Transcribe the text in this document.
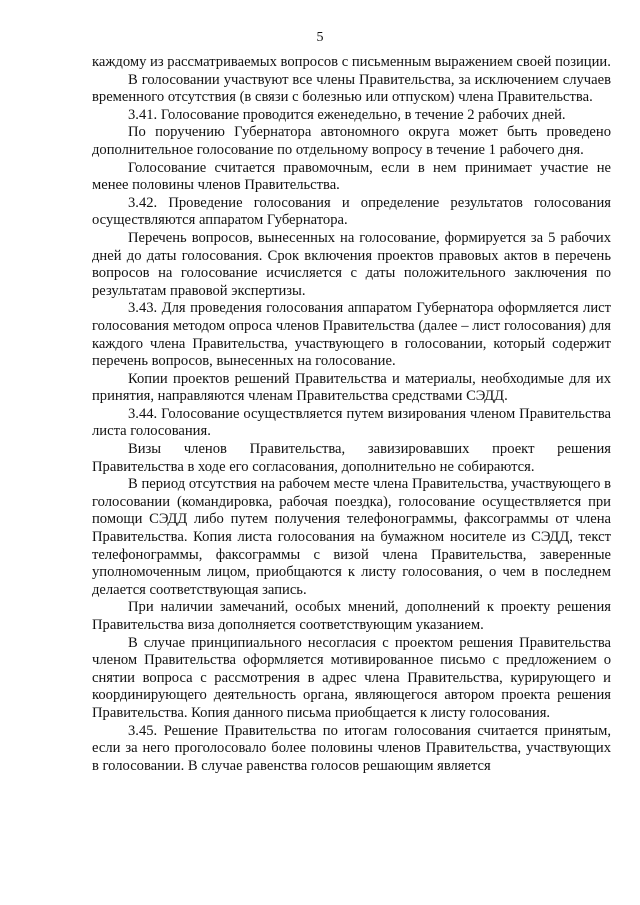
5

каждому из рассматриваемых вопросов с письменным выражением своей позиции.

В голосовании участвуют все члены Правительства, за исключением случаев временного отсутствия (в связи с болезнью или отпуском) члена Правительства.

3.41. Голосование проводится еженедельно, в течение 2 рабочих дней.

По поручению Губернатора автономного округа может быть проведено дополнительное голосование по отдельному вопросу в течение 1 рабочего дня.

Голосование считается правомочным, если в нем принимает участие не менее половины членов Правительства.

3.42. Проведение голосования и определение результатов голосования осуществляются аппаратом Губернатора.

Перечень вопросов, вынесенных на голосование, формируется за 5 рабочих дней до даты голосования. Срок включения проектов правовых актов в перечень вопросов на голосование исчисляется с даты положительного заключения по результатам правовой экспертизы.

3.43. Для проведения голосования аппаратом Губернатора оформляется лист голосования методом опроса членов Правительства (далее – лист голосования) для каждого члена Правительства, участвующего в голосовании, который содержит перечень вопросов, вынесенных на голосование.

Копии проектов решений Правительства и материалы, необходимые для их принятия, направляются членам Правительства средствами СЭДД.

3.44. Голосование осуществляется путем визирования членом Правительства листа голосования.

Визы членов Правительства, завизировавших проект решения Правительства в ходе его согласования, дополнительно не собираются.

В период отсутствия на рабочем месте члена Правительства, участвующего в голосовании (командировка, рабочая поездка), голосование осуществляется при помощи СЭДД либо путем получения телефонограммы, факсограммы от члена Правительства. Копия листа голосования на бумажном носителе из СЭДД, текст телефонограммы, факсограммы с визой члена Правительства, заверенные уполномоченным лицом, приобщаются к листу голосования, о чем в последнем делается соответствующая запись.

При наличии замечаний, особых мнений, дополнений к проекту решения Правительства виза дополняется соответствующим указанием.

В случае принципиального несогласия с проектом решения Правительства членом Правительства оформляется мотивированное письмо с предложением о снятии вопроса с рассмотрения в адрес члена Правительства, курирующего и координирующего деятельность органа, являющегося автором проекта решения Правительства. Копия данного письма приобщается к листу голосования.

3.45. Решение Правительства по итогам голосования считается принятым, если за него проголосовало более половины членов Правительства, участвующих в голосовании. В случае равенства голосов решающим является
